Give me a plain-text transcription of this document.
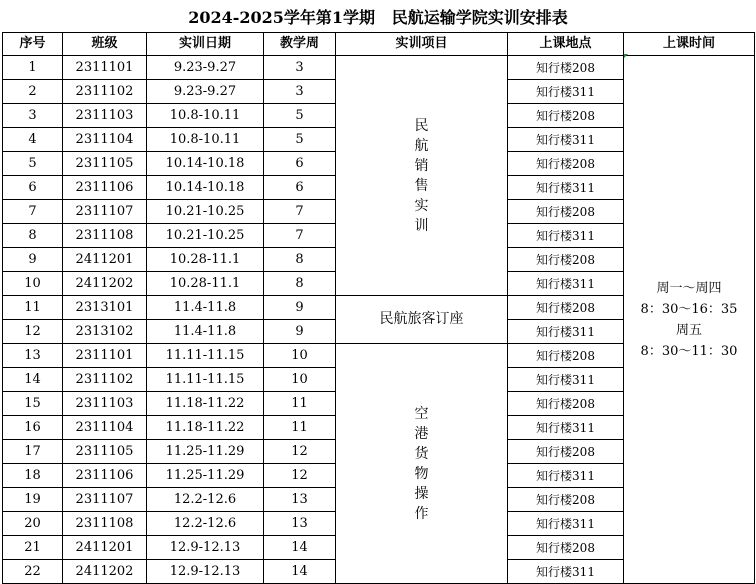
2024-2025学年第1学期   民航运输学院实训安排表
序号	班级	实训日期	教学周	实训项目	上课地点	上课时间
1	2311101	9.23-9.27	3	民航销售实训	知行楼208	周一～周四
8：30～16：35
周五
8：30～11：30

2	2311102	9.23-9.27	3		知行楼311	
3	2311103	10.8-10.11	5		知行楼208	
4	2311104	10.8-10.11	5		知行楼311	
5	2311105	10.14-10.18	6		知行楼208	
6	2311106	10.14-10.18	6		知行楼311	
7	2311107	10.21-10.25	7		知行楼208	
8	2311108	10.21-10.25	7		知行楼311	
9	2411201	10.28-11.1	8		知行楼208	
10	2411202	10.28-11.1	8		知行楼311	
11	2313101	11.4-11.8	9	民航旅客订座	知行楼208	
12	2313102	11.4-11.8	9		知行楼311	
13	2311101	11.11-11.15	10	空港货物操作	知行楼208	
14	2311102	11.11-11.15	10		知行楼311	
15	2311103	11.18-11.22	11		知行楼208	
16	2311104	11.18-11.22	11		知行楼311	
17	2311105	11.25-11.29	12		知行楼208	
18	2311106	11.25-11.29	12		知行楼311	
19	2311107	12.2-12.6	13		知行楼208	
20	2311108	12.2-12.6	13		知行楼311	
21	2411201	12.9-12.13	14		知行楼208	
22	2411202	12.9-12.13	14		知行楼311	
